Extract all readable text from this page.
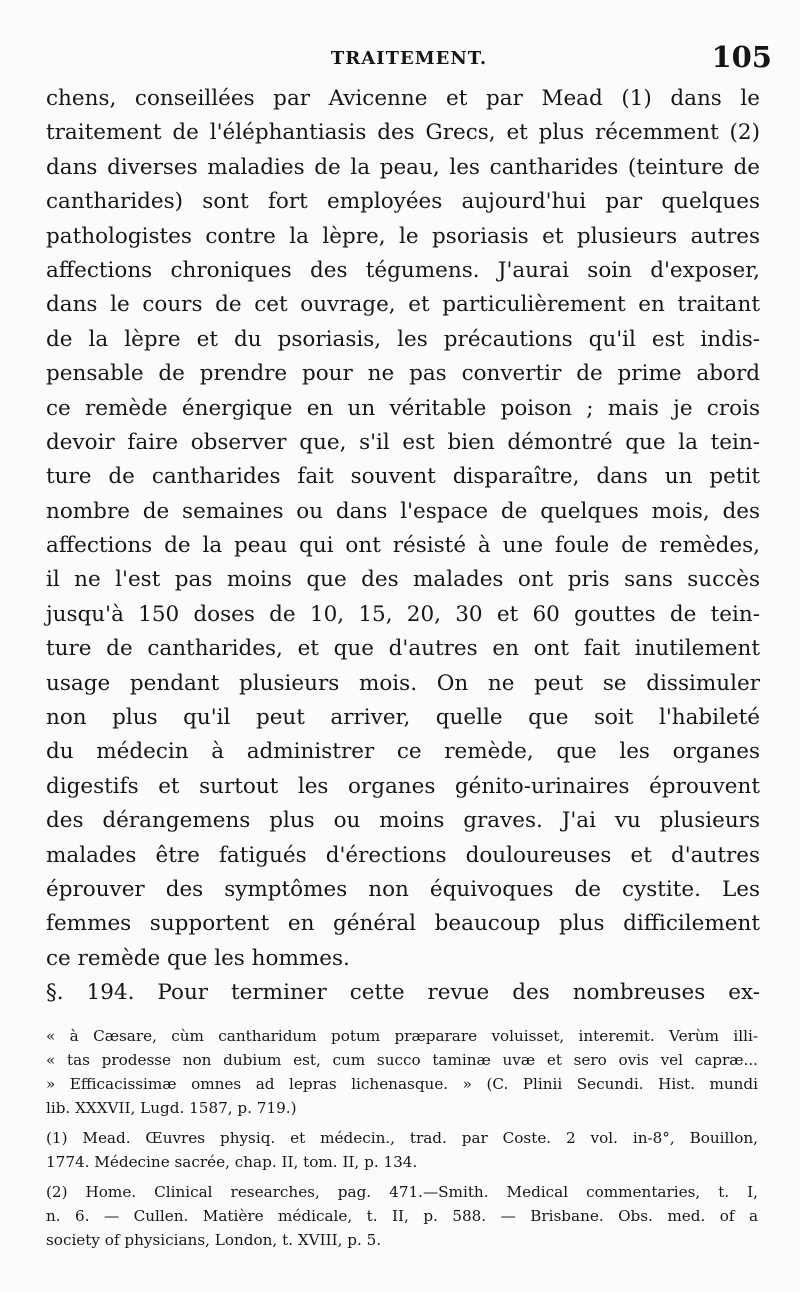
TRAITEMENT.	105
chens, conseillées par Avicenne et par Mead (1) dans le
traitement de l'éléphantiasis des Grecs, et plus récemment (2)
dans diverses maladies de la peau, les cantharides (teinture de
cantharides) sont fort employées aujourd'hui par quelques
pathologistes contre la lèpre, le psoriasis et plusieurs autres
affections chroniques des tégumens. J'aurai soin d'exposer,
dans le cours de cet ouvrage, et particulièrement en traitant
de la lèpre et du psoriasis, les précautions qu'il est indis-
pensable de prendre pour ne pas convertir de prime abord
ce remède énergique en un véritable poison ; mais je crois
devoir faire observer que, s'il est bien démontré que la tein-
ture de cantharides fait souvent disparaître, dans un petit
nombre de semaines ou dans l'espace de quelques mois, des
affections de la peau qui ont résisté à une foule de remèdes,
il ne l'est pas moins que des malades ont pris sans succès
jusqu'à 150 doses de 10, 15, 20, 30 et 60 gouttes de tein-
ture de cantharides, et que d'autres en ont fait inutilement
usage pendant plusieurs mois. On ne peut se dissimuler
non plus qu'il peut arriver, quelle que soit l'habileté
du médecin à administrer ce remède, que les organes
digestifs et surtout les organes génito-urinaires éprouvent
des dérangemens plus ou moins graves. J'ai vu plusieurs
malades être fatigués d'érections douloureuses et d'autres
éprouver des symptômes non équivoques de cystite. Les
femmes supportent en général beaucoup plus difficilement
ce remède que les hommes.
§. 194. Pour terminer cette revue des nombreuses ex-
« à Cæsare, cùm cantharidum potum præparare voluisset, interemit. Verùm illi-
« tas prodesse non dubium est, cum succo taminæ uvæ et sero ovis vel capræ...
» Efficacissimæ omnes ad lepras lichenasque. » (C. Plinii Secundi. Hist. mundi
lib. XXXVII, Lugd. 1587, p. 719.)
(1) Mead. Œuvres physiq. et médecin., trad. par Coste. 2 vol. in-8°, Bouillon,
1774. Médecine sacrée, chap. II, tom. II, p. 134.
(2) Home. Clinical researches, pag. 471.—Smith. Medical commentaries, t. I,
n. 6. — Cullen. Matière médicale, t. II, p. 588. — Brisbane. Obs. med. of a
society of physicians, London, t. XVIII, p. 5.
